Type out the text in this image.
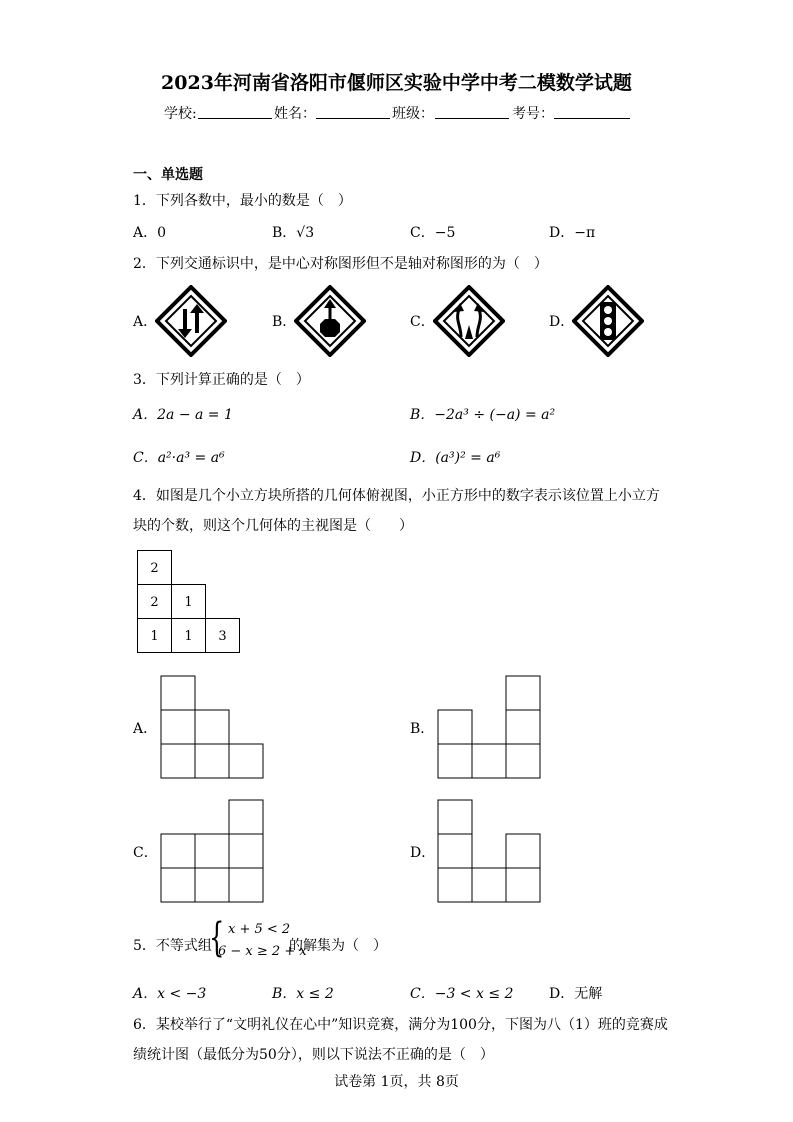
2023年河南省洛阳市偃师区实验中学中考二模数学试题
学校:	姓名：	班级：	考号：
一、单选题
1．下列各数中，最小的数是（　）
A．0	B．√3	C．−5	D．−π
2．下列交通标识中，是中心对称图形但不是轴对称图形的为（　）
A．	B．	C．	D．
3．下列计算正确的是（　）
A．2a − a = 1	B．−2a³ ÷ (−a) = a²
C．a²·a³ = a⁶	D．(a³)² = a⁶
4．如图是几个小立方块所搭的几何体俯视图，小正方形中的数字表示该位置上小立方
块的个数，则这个几何体的主视图是（　　）
2
2	1
1	1	3
A．	B．
C．	D．
5．不等式组
{ x + 5 < 2
6 − x ≥ 2 + x
的解集为（　）
A．x < −3	B．x ≤ 2	C．−3 < x ≤ 2	D．无解
6．某校举行了“文明礼仪在心中”知识竞赛，满分为100分，下图为八（1）班的竞赛成
绩统计图（最低分为50分），则以下说法不正确的是（　）
试卷第 1页，共 8页
